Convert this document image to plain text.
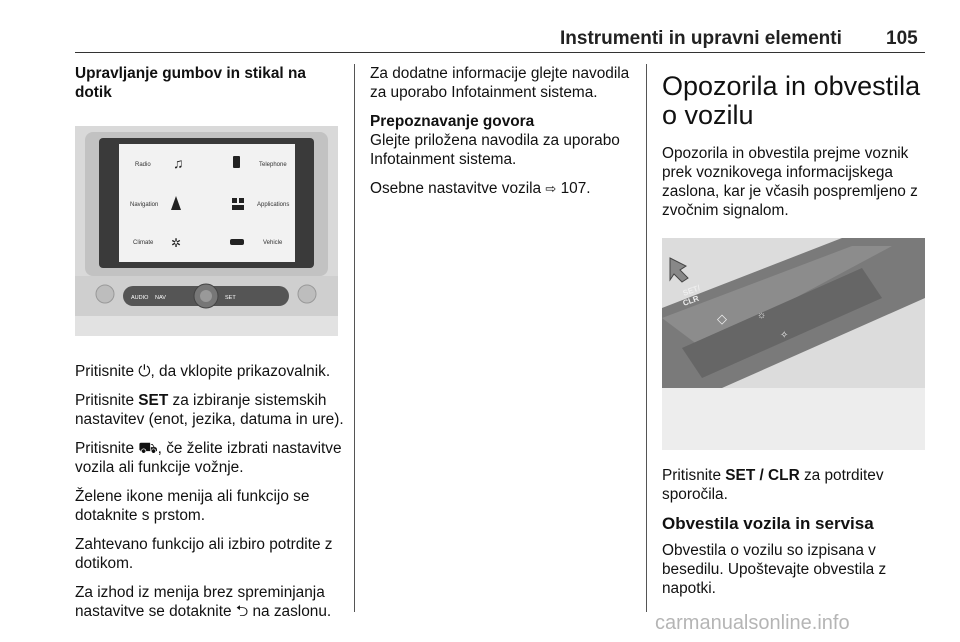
Instrumenti in upravni elementi 105
Upravljanje gumbov in stikal na dotik
Radio ♫	Telephone
Navigation	Applications
Climate ✲	Vehicle
AUDIO NAV	SET

Pritisnite ⏻, da vklopite prikazovalnik.

Pritisnite SET za izbiranje sistemskih nastavitev (enot, jezika, datuma in ure).

Pritisnite ⛟, če želite izbrati nastavitve vozila ali funkcije vožnje.

Želene ikone menija ali funkcijo se dotaknite s prstom.

Zahtevano funkcijo ali izbiro potrdite z dotikom.

Za izhod iz menija brez spreminjanja nastavitve se dotaknite ⮌ na zaslonu.

Za dodatne informacije glejte navodila za uporabo Infotainment sistema.

Prepoznavanje govora

Glejte priložena navodila za uporabo Infotainment sistema.

Osebne nastavitve vozila ⇨ 107.

Opozorila in obvestila o vozilu

Opozorila in obvestila prejme voznik prek voznikovega informacijskega zaslona, kar je včasih pospremljeno z zvočnim signalom.

SET/
CLR
◇	☼
✧

Pritisnite SET / CLR za potrditev sporočila.

Obvestila vozila in servisa

Obvestila o vozilu so izpisana v besedilu. Upoštevajte obvestila z napotki.

carmanualsonline.info
